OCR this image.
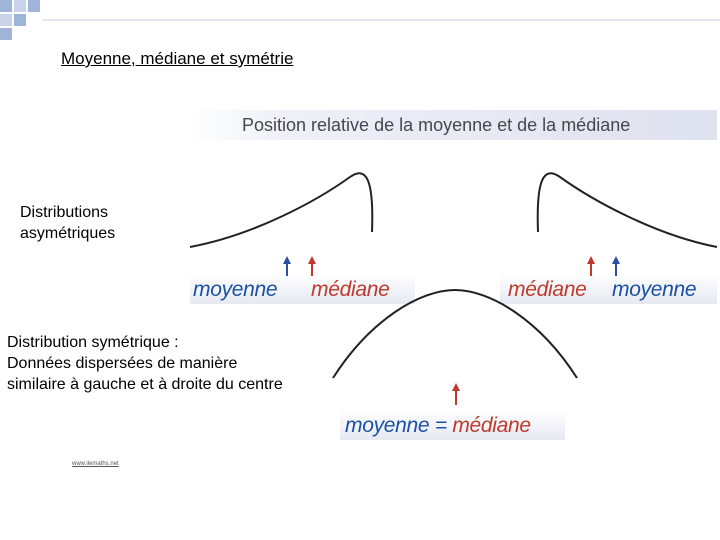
Moyenne, médiane et symétrie
Position relative de la moyenne et de la médiane
Distributions
asymétriques
Distribution symétrique :
Données dispersées de manière
similaire à gauche et à droite du centre
moyenne médiane	médiane moyenne
moyenne = médiane
www.ilemaths.net
